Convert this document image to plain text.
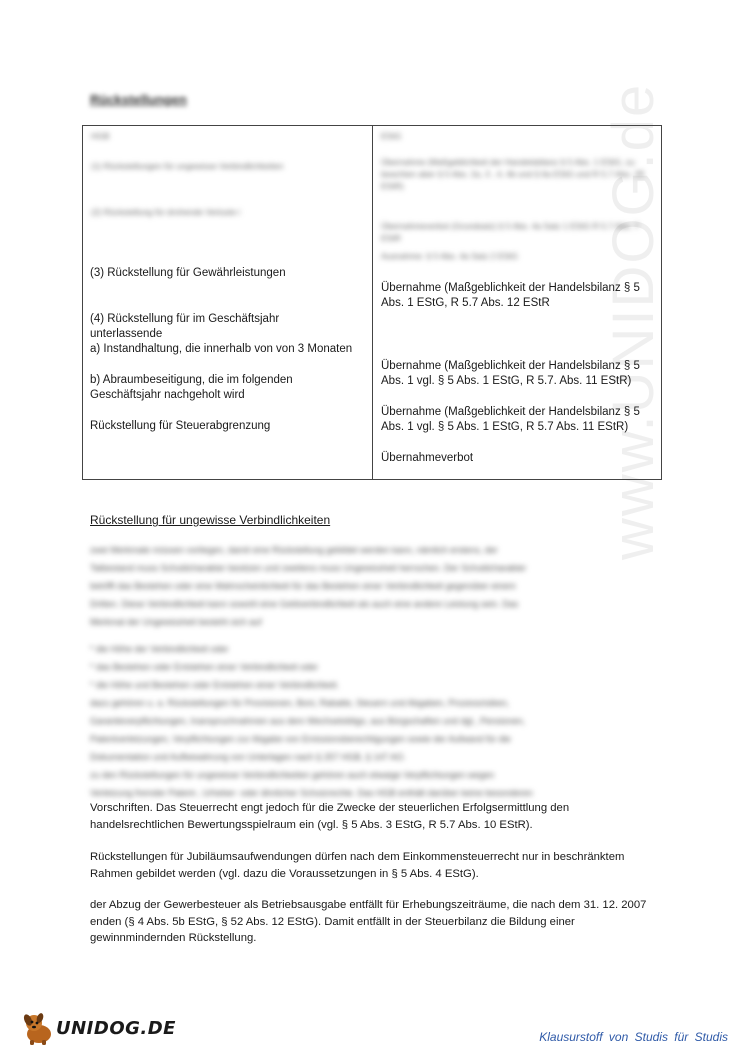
www.UNIDOG.de
Rückstellungen
HGB	EStG
(1) Rückstellungen für ungewisse Verbindlichkeiten
(2) Rückstellung für drohende Verluste i
Übernahme (Maßgeblichkeit der Handelsbilanz § 5 Abs. 1 EStG, zu beachten aber § 5 Abs. 2a, 3 , 4, 4b und § 6a EStG und R 5.7 Abs. 2ff. EStR)
Übernahmeverbot (Grundsatz) § 5 Abs. 4a Satz 1 EStG R 5.7 Abs. 7 EStR
Ausnahme: § 5 Abs. 4a Satz 2 EStG
(3) Rückstellung für Gewährleistungen
(4) Rückstellung für im Geschäftsjahr
unterlassende
a) Instandhaltung, die innerhalb von von 3 Monaten
b) Abraumbeseitigung, die im folgenden
Geschäftsjahr nachgeholt wird
Rückstellung für Steuerabgrenzung
Übernahme (Maßgeblichkeit der Handelsbilanz § 5
Abs. 1 EStG, R 5.7 Abs. 12 EStR
Übernahme (Maßgeblichkeit der Handelsbilanz § 5
Abs. 1 vgl. § 5 Abs. 1 EStG, R 5.7. Abs. 11 EStR)
Übernahme (Maßgeblichkeit der Handelsbilanz § 5
Abs. 1 vgl. § 5 Abs. 1 EStG, R 5.7 Abs. 11 EStR)
Übernahmeverbot
Rückstellung für ungewisse Verbindlichkeiten
zwei Merkmale müssen vorliegen, damit eine Rückstellung gebildet werden kann, nämlich erstens, der
Tatbestand muss Schuldcharakter besitzen und zweitens muss Ungewissheit herrschen. Der Schuldcharakter
betrifft das Bestehen oder eine Wahrscheinlichkeit für das Bestehen einer Verbindlichkeit gegenüber einem
Dritten. Diese Verbindlichkeit kann sowohl eine Geldverbindlichkeit als auch eine andere Leistung sein. Das
Merkmal der Ungewissheit besteht sich auf
* die Höhe der Verbindlichkeit oder
* das Bestehen oder Entstehen einer Verbindlichkeit oder
* die Höhe und Bestehen oder Entstehen einer Verbindlichkeit.
dazu gehören u. a. Rückstellungen für Provisionen, Boni, Rabatte, Steuern und Abgaben, Prozessrisiken,
Garantieverpflichtungen, Inanspruchnahmen aus dem Wechselobligo, aus Bürgschaften und dgl., Pensionen,
Patentverletzungen, Verpflichtungen zur Abgabe von Emissionsberechtigungen sowie der Aufwand für die
Dokumentation und Aufbewahrung von Unterlagen nach § 257 HGB, § 147 AO.
zu den Rückstellungen für ungewisse Verbindlichkeiten gehören auch etwaige Verpflichtungen wegen
Verletzung fremder Patent-, Urheber- oder ähnlicher Schutzrechte. Das HGB enthält darüber keine besonderen
Vorschriften. Das Steuerrecht engt jedoch für die Zwecke der steuerlichen Erfolgsermittlung den
handelsrechtlichen Bewertungsspielraum ein (vgl. § 5 Abs. 3 EStG, R 5.7 Abs. 10 EStR).
Rückstellungen für Jubiläumsaufwendungen dürfen nach dem Einkommensteuerrecht nur in beschränktem
Rahmen gebildet werden (vgl. dazu die Voraussetzungen in § 5 Abs. 4 EStG).
der Abzug der Gewerbesteuer als Betriebsausgabe entfällt für Erhebungszeiträume, die nach dem 31. 12. 2007
enden (§ 4 Abs. 5b EStG, § 52 Abs. 12 EStG). Damit entfällt in der Steuerbilanz die Bildung einer
gewinnmindernden Rückstellung.
UNIDOG.DE	Klausurstoff von Studis für Studis
